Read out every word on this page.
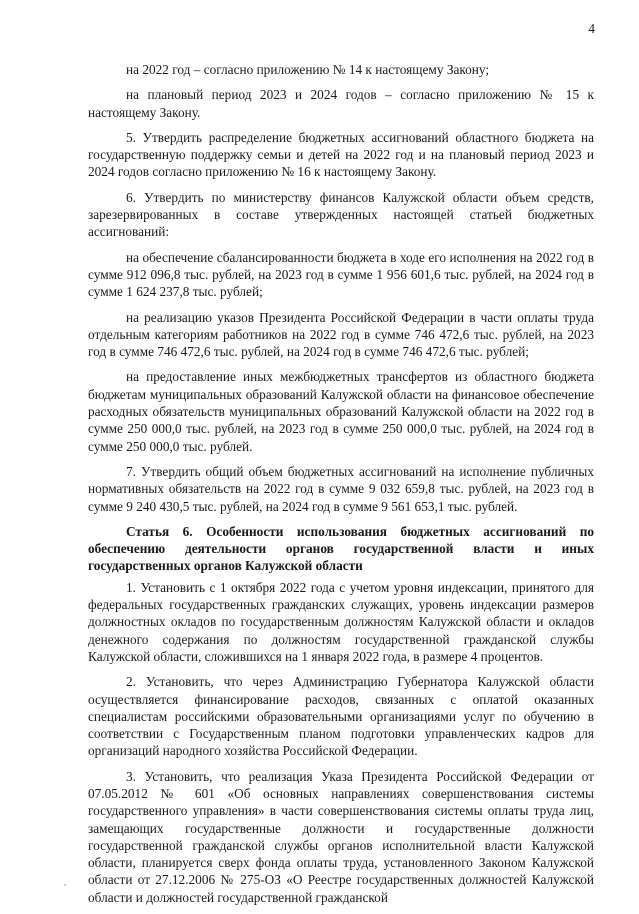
4

на 2022 год – согласно приложению № 14 к настоящему Закону;

на плановый период 2023 и 2024 годов – согласно приложению № 15 к настоящему Закону.

5. Утвердить распределение бюджетных ассигнований областного бюджета на государственную поддержку семьи и детей на 2022 год и на плановый период 2023 и 2024 годов согласно приложению № 16 к настоящему Закону.

6. Утвердить по министерству финансов Калужской области объем средств, зарезервированных в составе утвержденных настоящей статьей бюджетных ассигнований:

на обеспечение сбалансированности бюджета в ходе его исполнения на 2022 год в сумме 912 096,8 тыс. рублей, на 2023 год в сумме 1 956 601,6 тыс. рублей, на 2024 год в сумме 1 624 237,8 тыс. рублей;

на реализацию указов Президента Российской Федерации в части оплаты труда отдельным категориям работников на 2022 год в сумме 746 472,6 тыс. рублей, на 2023 год в сумме 746 472,6 тыс. рублей, на 2024 год в сумме 746 472,6 тыс. рублей;

на предоставление иных межбюджетных трансфертов из областного бюджета бюджетам муниципальных образований Калужской области на финансовое обеспечение расходных обязательств муниципальных образований Калужской области на 2022 год в сумме 250 000,0 тыс. рублей, на 2023 год в сумме 250 000,0 тыс. рублей, на 2024 год в сумме 250 000,0 тыс. рублей.

7. Утвердить общий объем бюджетных ассигнований на исполнение публичных нормативных обязательств на 2022 год в сумме 9 032 659,8 тыс. рублей, на 2023 год в сумме 9 240 430,5 тыс. рублей, на 2024 год в сумме 9 561 653,1 тыс. рублей.

Статья 6. Особенности использования бюджетных ассигнований по обеспечению деятельности органов государственной власти и иных государственных органов Калужской области

1. Установить с 1 октября 2022 года с учетом уровня индексации, принятого для федеральных государственных гражданских служащих, уровень индексации размеров должностных окладов по государственным должностям Калужской области и окладов денежного содержания по должностям государственной гражданской службы Калужской области, сложившихся на 1 января 2022 года, в размере 4 процентов.

2. Установить, что через Администрацию Губернатора Калужской области осуществляется финансирование расходов, связанных с оплатой оказанных специалистам российскими образовательными организациями услуг по обучению в соответствии с Государственным планом подготовки управленческих кадров для организаций народного хозяйства Российской Федерации.

3. Установить, что реализация Указа Президента Российской Федерации от 07.05.2012 № 601 «Об основных направлениях совершенствования системы государственного управления» в части совершенствования системы оплаты труда лиц, замещающих государственные должности и государственные должности государственной гражданской службы органов исполнительной власти Калужской области, планируется сверх фонда оплаты труда, установленного Законом Калужской области от 27.12.2006 № 275-ОЗ «О Реестре государственных должностей Калужской области и должностей государственной гражданской
